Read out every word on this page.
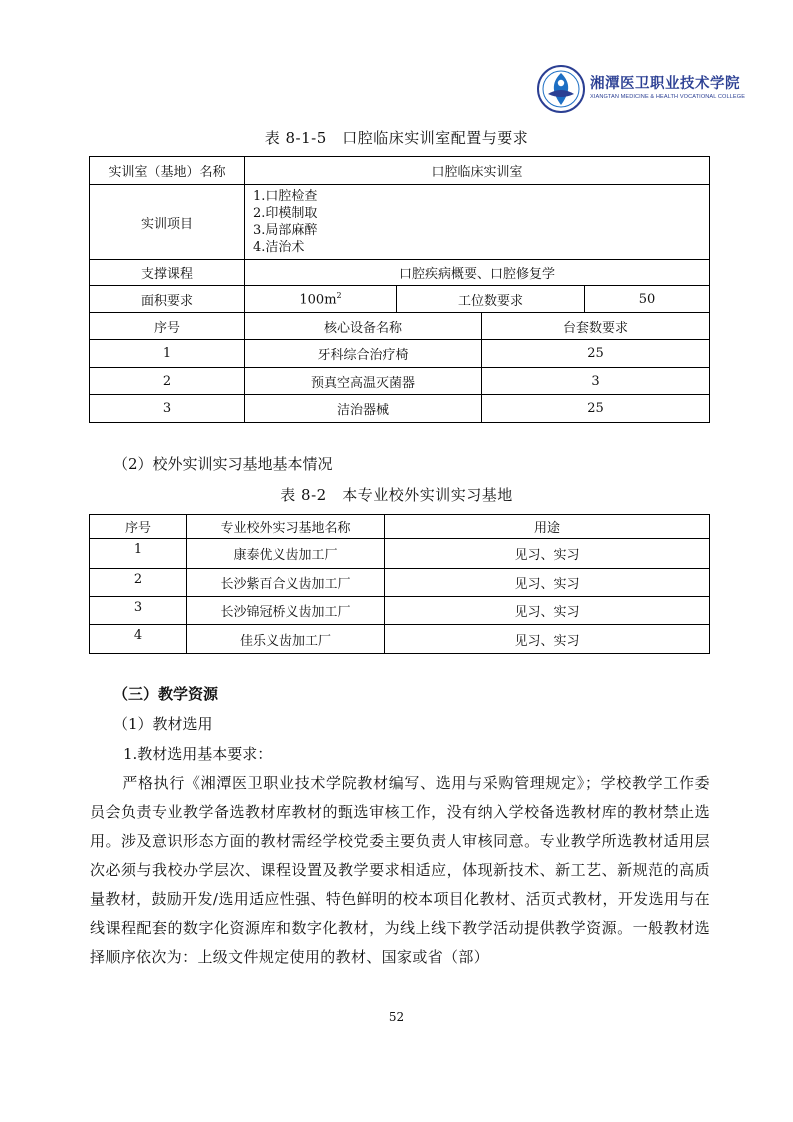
湘潭医卫职业技术学院
XIANGTAN MEDICINE & HEALTH VOCATIONAL COLLEGE
表 8-1-5　口腔临床实训室配置与要求
实训室（基地）名称	口腔临床实训室			
实训项目	1.口腔检查
2.印模制取
3.局部麻醉
4.洁治术			

支撑课程	口腔疾病概要、口腔修复学			
面积要求	$100m^2$	工位数要求		50
序号	核心设备名称		台套数要求	
1	牙科综合治疗椅		25	
2	预真空高温灭菌器		3	
3	洁治器械		25	
（2）校外实训实习基地基本情况
表 8-2　本专业校外实训实习基地
序号	专业校外实习基地名称	用途
1	康泰优义齿加工厂	见习、实习
2	长沙紫百合义齿加工厂	见习、实习
3	长沙锦冠桥义齿加工厂	见习、实习
4	佳乐义齿加工厂	见习、实习
（三）教学资源
（1）教材选用
1.教材选用基本要求：
严格执行《湘潭医卫职业技术学院教材编写、选用与采购管理规定》；学校教学工作委员会负责专业教学备选教材库教材的甄选审核工作，没有纳入学校备选教材库的教材禁止选用。涉及意识形态方面的教材需经学校党委主要负责人审核同意。专业教学所选教材适用层次必须与我校办学层次、课程设置及教学要求相适应，体现新技术、新工艺、新规范的高质量教材，鼓励开发/选用适应性强、特色鲜明的校本项目化教材、活页式教材，开发选用与在线课程配套的数字化资源库和数字化教材，为线上线下教学活动提供教学资源。一般教材选择顺序依次为：上级文件规定使用的教材、国家或省（部）
52
